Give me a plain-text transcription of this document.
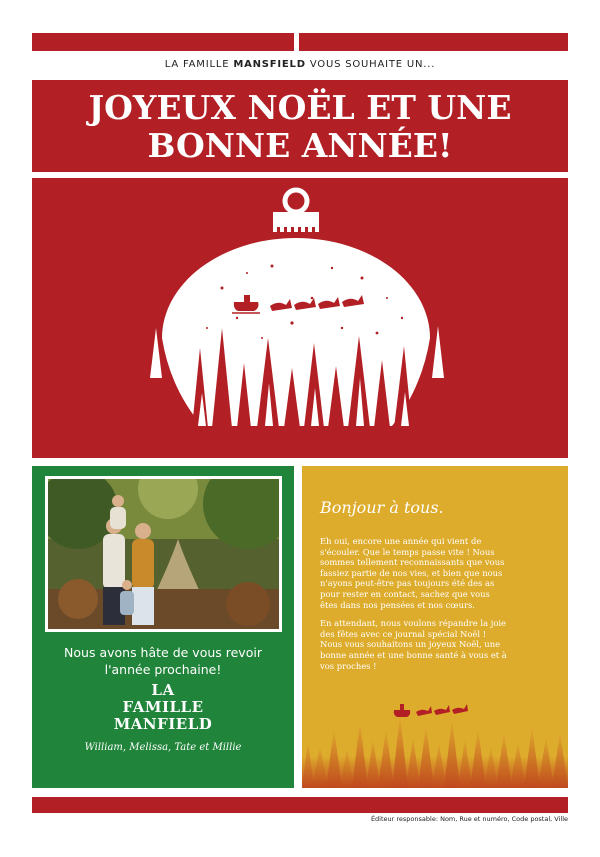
LA FAMILLE MANSFIELD VOUS SOUHAITE UN...
JOYEUX NOËL ET UNE
BONNE ANNÉE!
Nous avons hâte de vous revoir
l'année prochaine!
LA
FAMILLE
MANFIELD
William, Melissa, Tate et Millie
Bonjour à tous.

Eh oui, encore une année qui vient de s'écouler. Que le temps passe vite ! Nous sommes tellement reconnaissants que vous fassiez partie de nos vies, et bien que nous n'ayons peut-être pas toujours été des as pour rester en contact, sachez que vous êtes dans nos pensées et nos cœurs.

En attendant, nous voulons répandre la joie des fêtes avec ce journal spécial Noël ! Nous vous souhaitons un joyeux Noël, une bonne année et une bonne santé à vous et à vos proches !

Éditeur responsable: Nom, Rue et numéro, Code postal, Ville
